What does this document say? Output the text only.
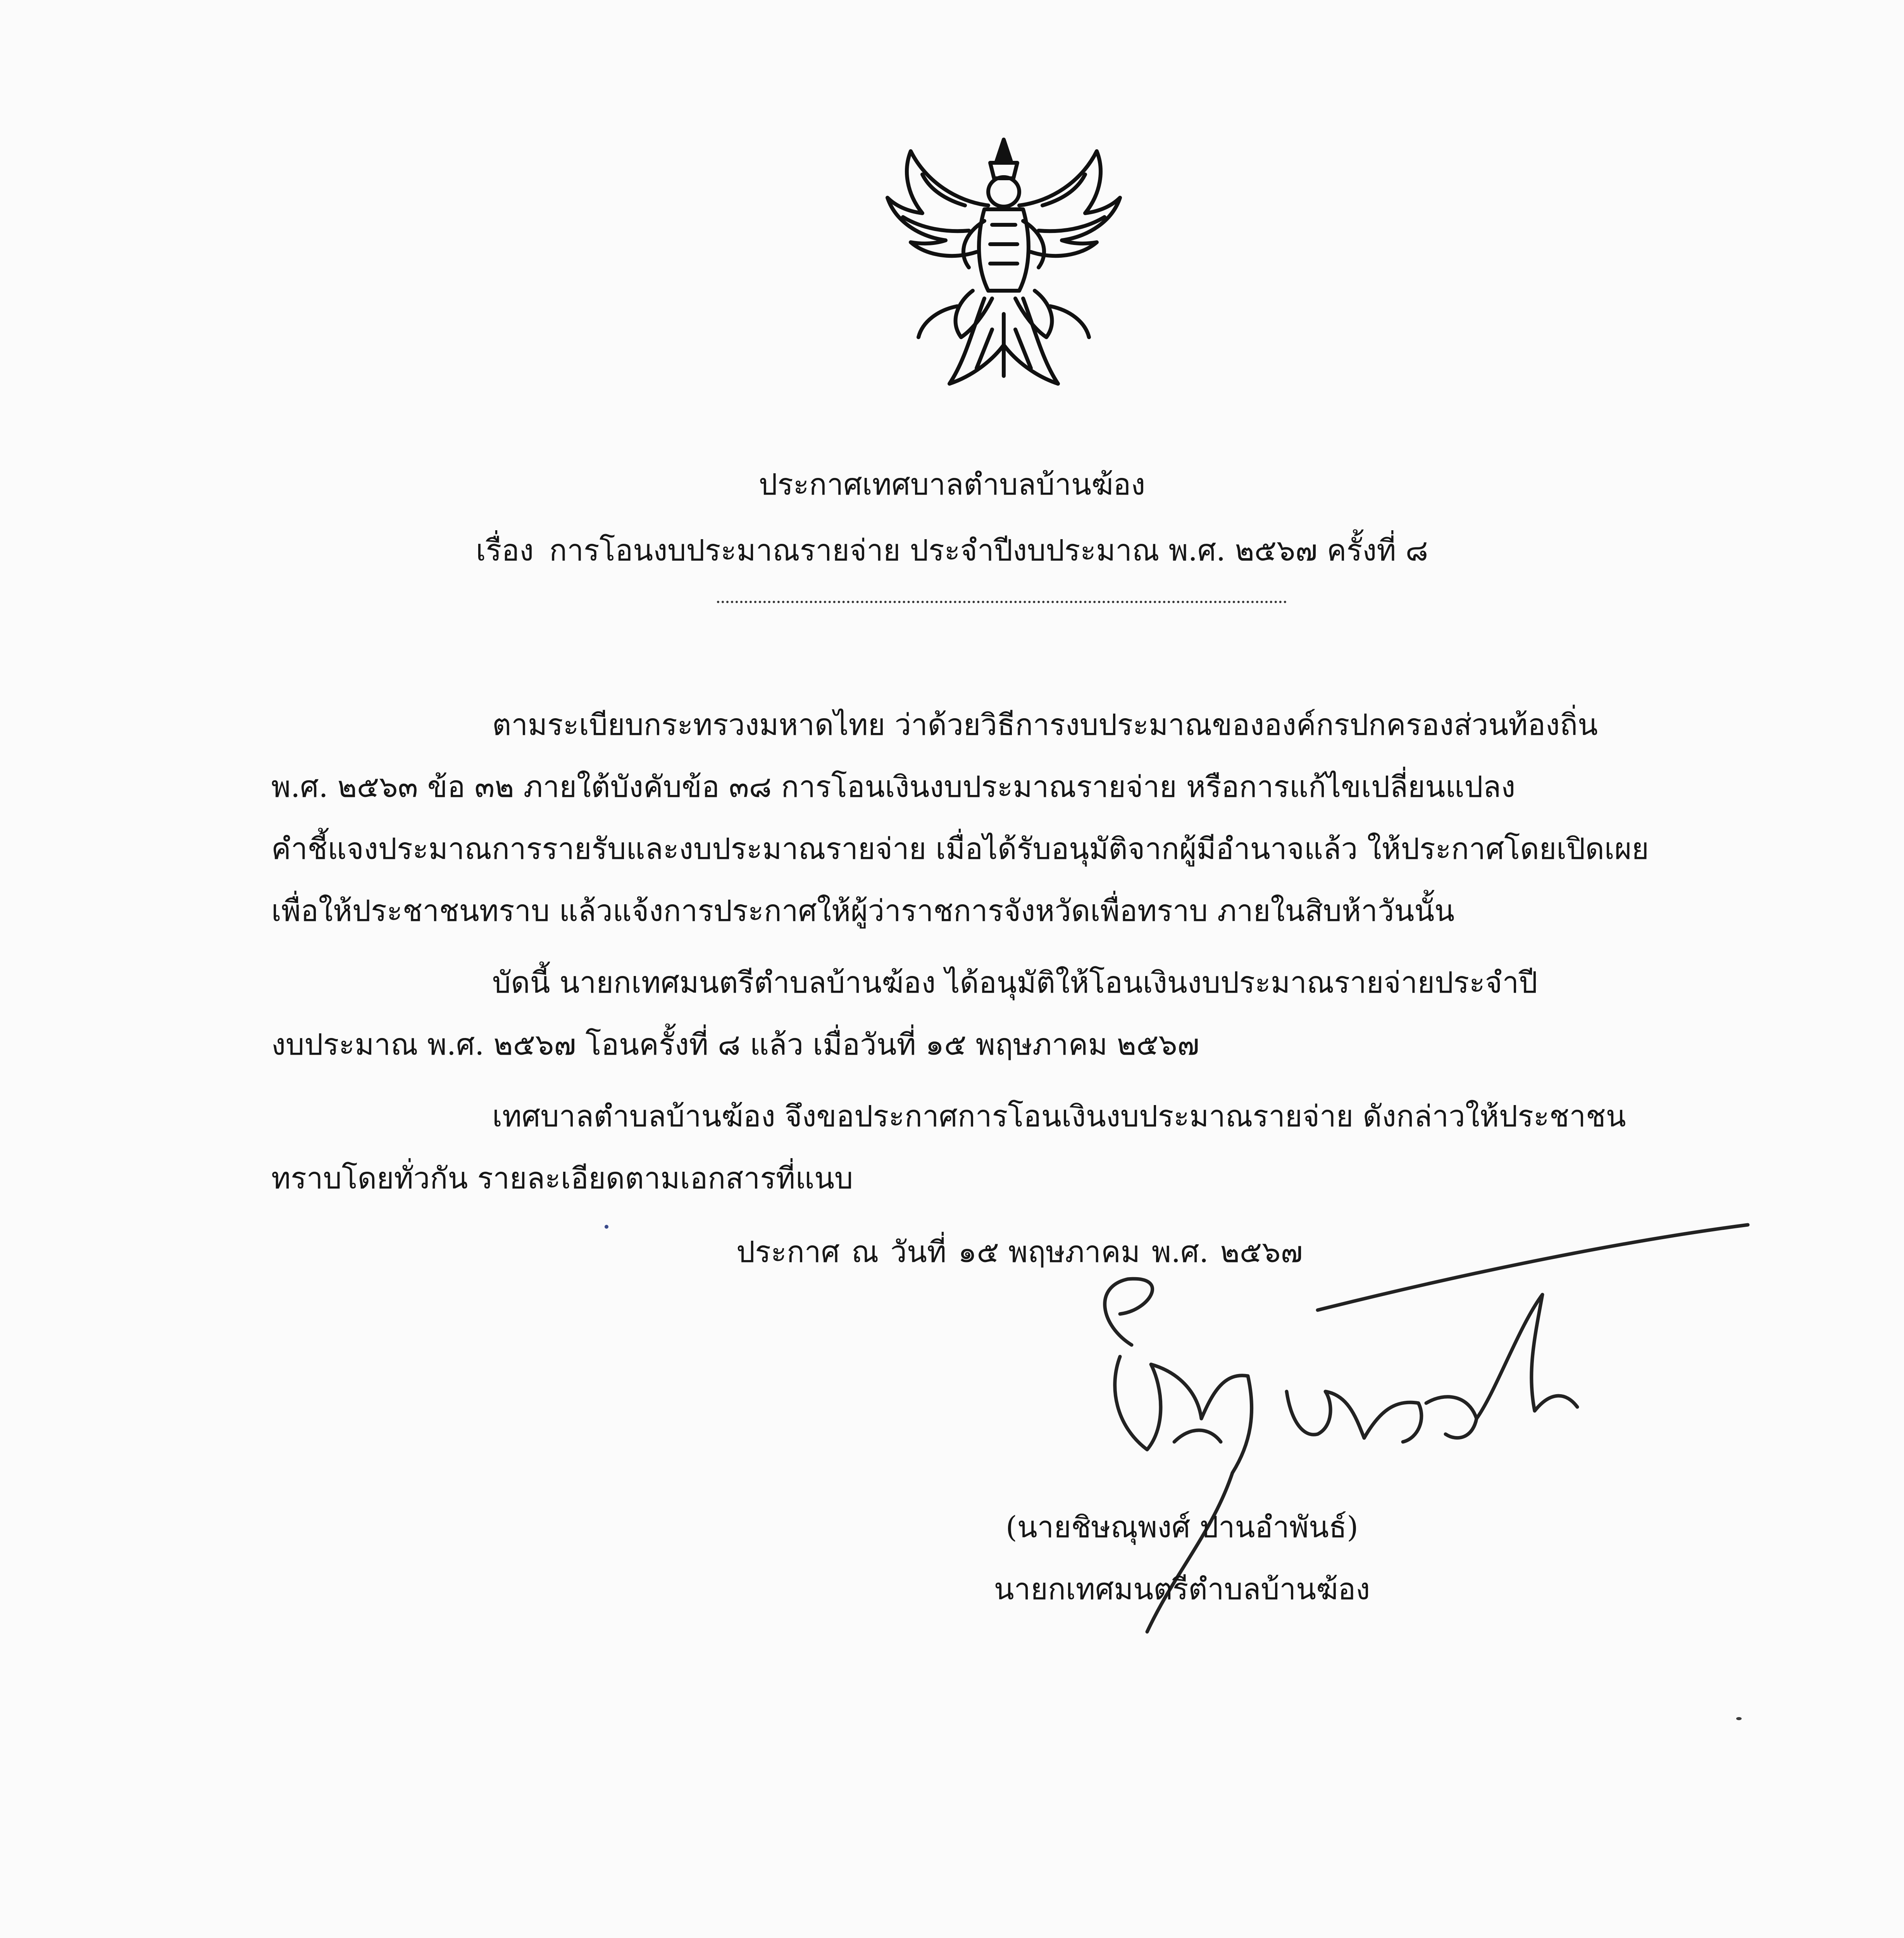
ประกาศเทศบาลตำบลบ้านฆ้อง
เรื่อง การโอนงบประมาณรายจ่าย ประจำปีงบประมาณ พ.ศ. ๒๕๖๗ ครั้งที่ ๘
ตามระเบียบกระทรวงมหาดไทย ว่าด้วยวิธีการงบประมาณขององค์กรปกครองส่วนท้องถิ่น
พ.ศ. ๒๕๖๓ ข้อ ๓๒ ภายใต้บังคับข้อ ๓๘ การโอนเงินงบประมาณรายจ่าย หรือการแก้ไขเปลี่ยนแปลง
คำชี้แจงประมาณการรายรับและงบประมาณรายจ่าย เมื่อได้รับอนุมัติจากผู้มีอำนาจแล้ว ให้ประกาศโดยเปิดเผย
เพื่อให้ประชาชนทราบ แล้วแจ้งการประกาศให้ผู้ว่าราชการจังหวัดเพื่อทราบ ภายในสิบห้าวันนั้น
บัดนี้ นายกเทศมนตรีตำบลบ้านฆ้อง ได้อนุมัติให้โอนเงินงบประมาณรายจ่ายประจำปี
งบประมาณ พ.ศ. ๒๕๖๗ โอนครั้งที่ ๘ แล้ว เมื่อวันที่ ๑๕ พฤษภาคม ๒๕๖๗
เทศบาลตำบลบ้านฆ้อง จึงขอประกาศการโอนเงินงบประมาณรายจ่าย ดังกล่าวให้ประชาชน
ทราบโดยทั่วกัน รายละเอียดตามเอกสารที่แนบ
ประกาศ ณ วันที่ ๑๕ พฤษภาคม พ.ศ. ๒๕๖๗
(นายชิษณุพงศ์ ปานอำพันธ์)
นายกเทศมนตรีตำบลบ้านฆ้อง
